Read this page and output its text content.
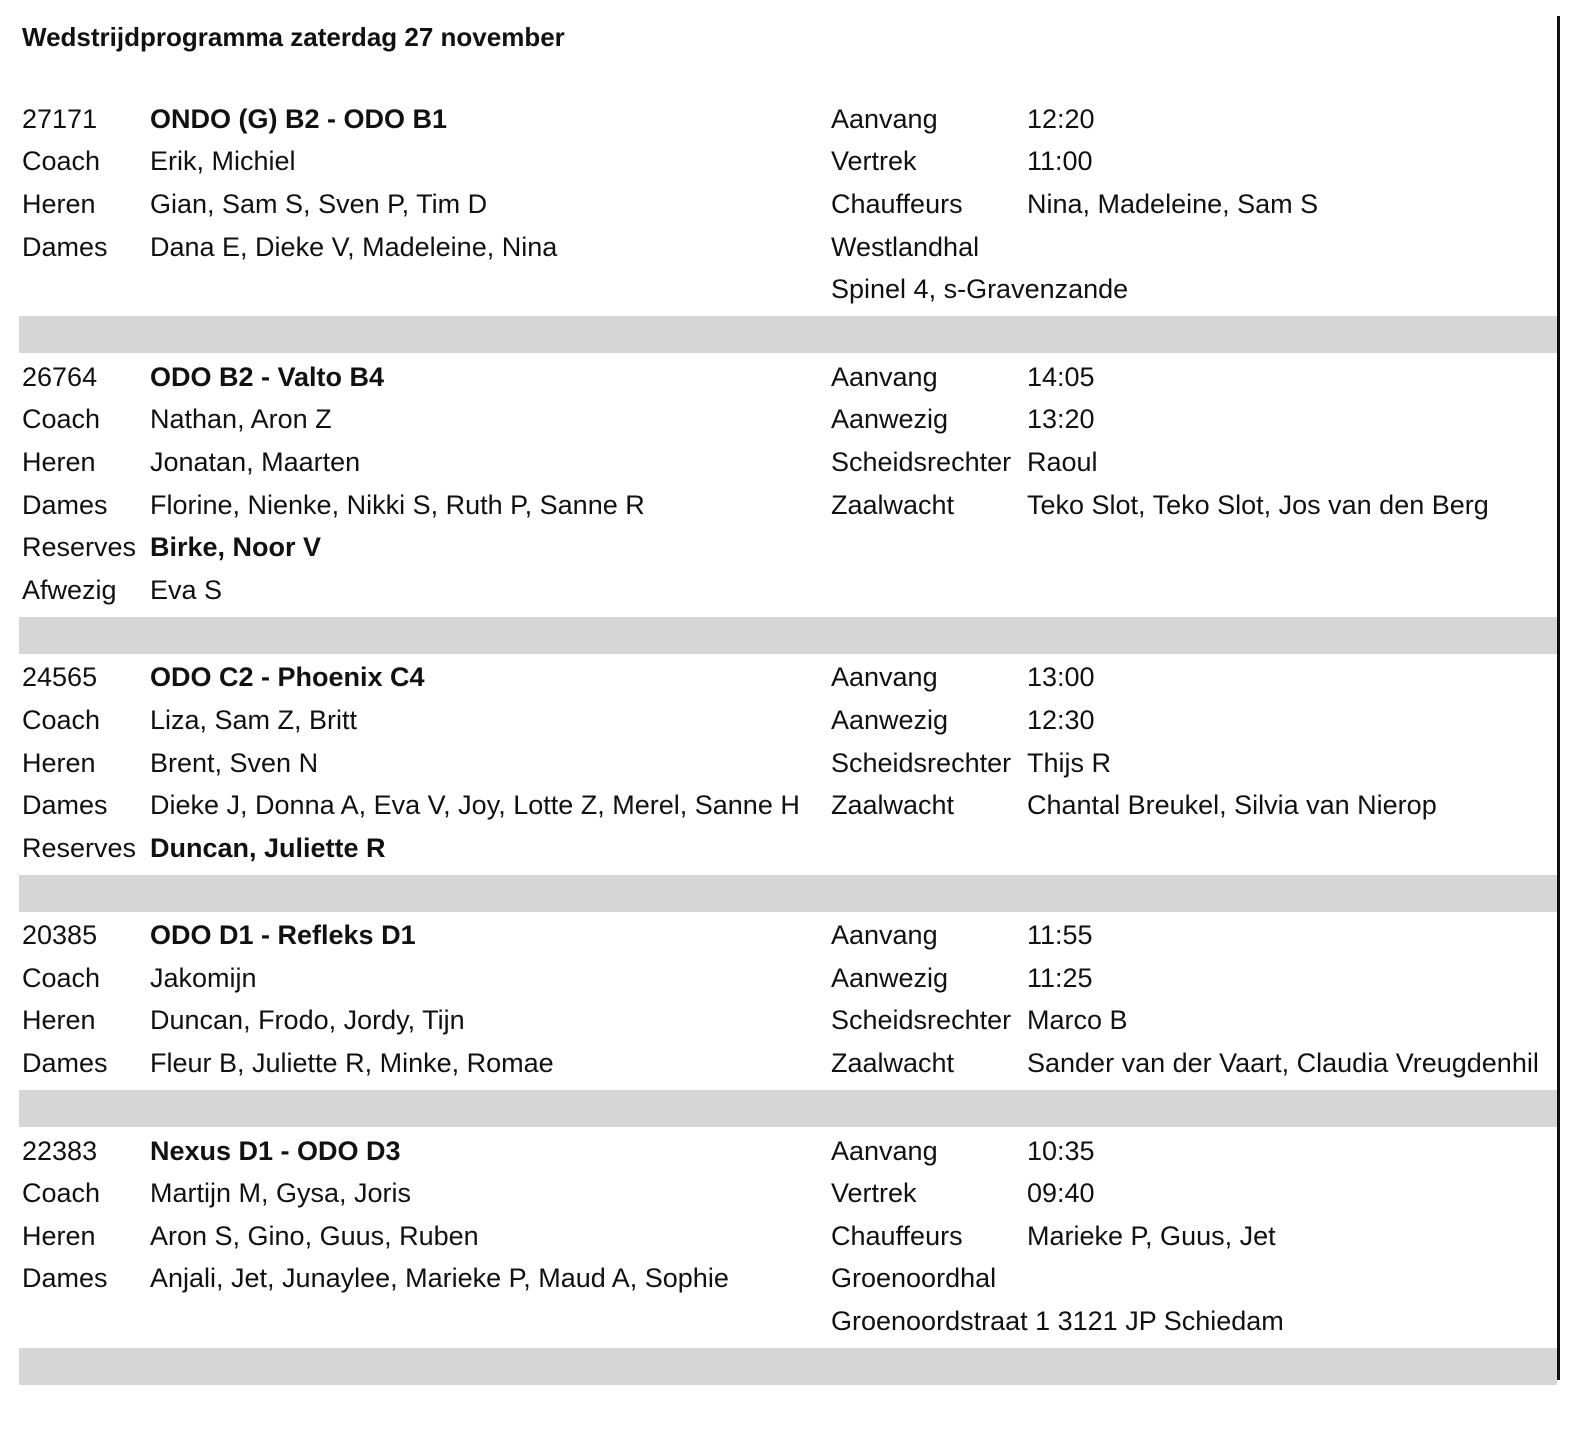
Wedstrijdprogramma zaterdag 27 november
27171 ONDO (G) B2 - ODO B1	Aanvang	12:20
Coach Erik, Michiel	Vertrek	11:00
Heren Gian, Sam S, Sven P, Tim D	Chauffeurs Nina, Madeleine, Sam S
Dames Dana E, Dieke V, Madeleine, Nina	Westlandhal
Spinel 4, s-Gravenzande
26764 ODO B2 - Valto B4	Aanvang	14:05
Coach Nathan, Aron Z	Aanwezig	13:20
Heren Jonatan, Maarten	Scheidsrechter Raoul
Dames Florine, Nienke, Nikki S, Ruth P, Sanne R	Zaalwacht	Teko Slot, Teko Slot, Jos van den Berg
Reserves Birke, Noor V
Afwezig Eva S
24565 ODO C2 - Phoenix C4	Aanvang	13:00
Coach Liza, Sam Z, Britt	Aanwezig	12:30
Heren Brent, Sven N	Scheidsrechter Thijs R
Dames Dieke J, Donna A, Eva V, Joy, Lotte Z, Merel, Sanne H Zaalwacht	Chantal Breukel, Silvia van Nierop
Reserves Duncan, Juliette R
20385 ODO D1 - Refleks D1	Aanvang	11:55
Coach Jakomijn	Aanwezig	11:25
Heren Duncan, Frodo, Jordy, Tijn	Scheidsrechter Marco B
Dames Fleur B, Juliette R, Minke, Romae	Zaalwacht	Sander van der Vaart, Claudia Vreugdenhil
22383 Nexus D1 - ODO D3	Aanvang	10:35
Coach Martijn M, Gysa, Joris	Vertrek	09:40
Heren Aron S, Gino, Guus, Ruben	Chauffeurs Marieke P, Guus, Jet
Dames Anjali, Jet, Junaylee, Marieke P, Maud A, Sophie	Groenoordhal
Groenoordstraat 1 3121 JP Schiedam
